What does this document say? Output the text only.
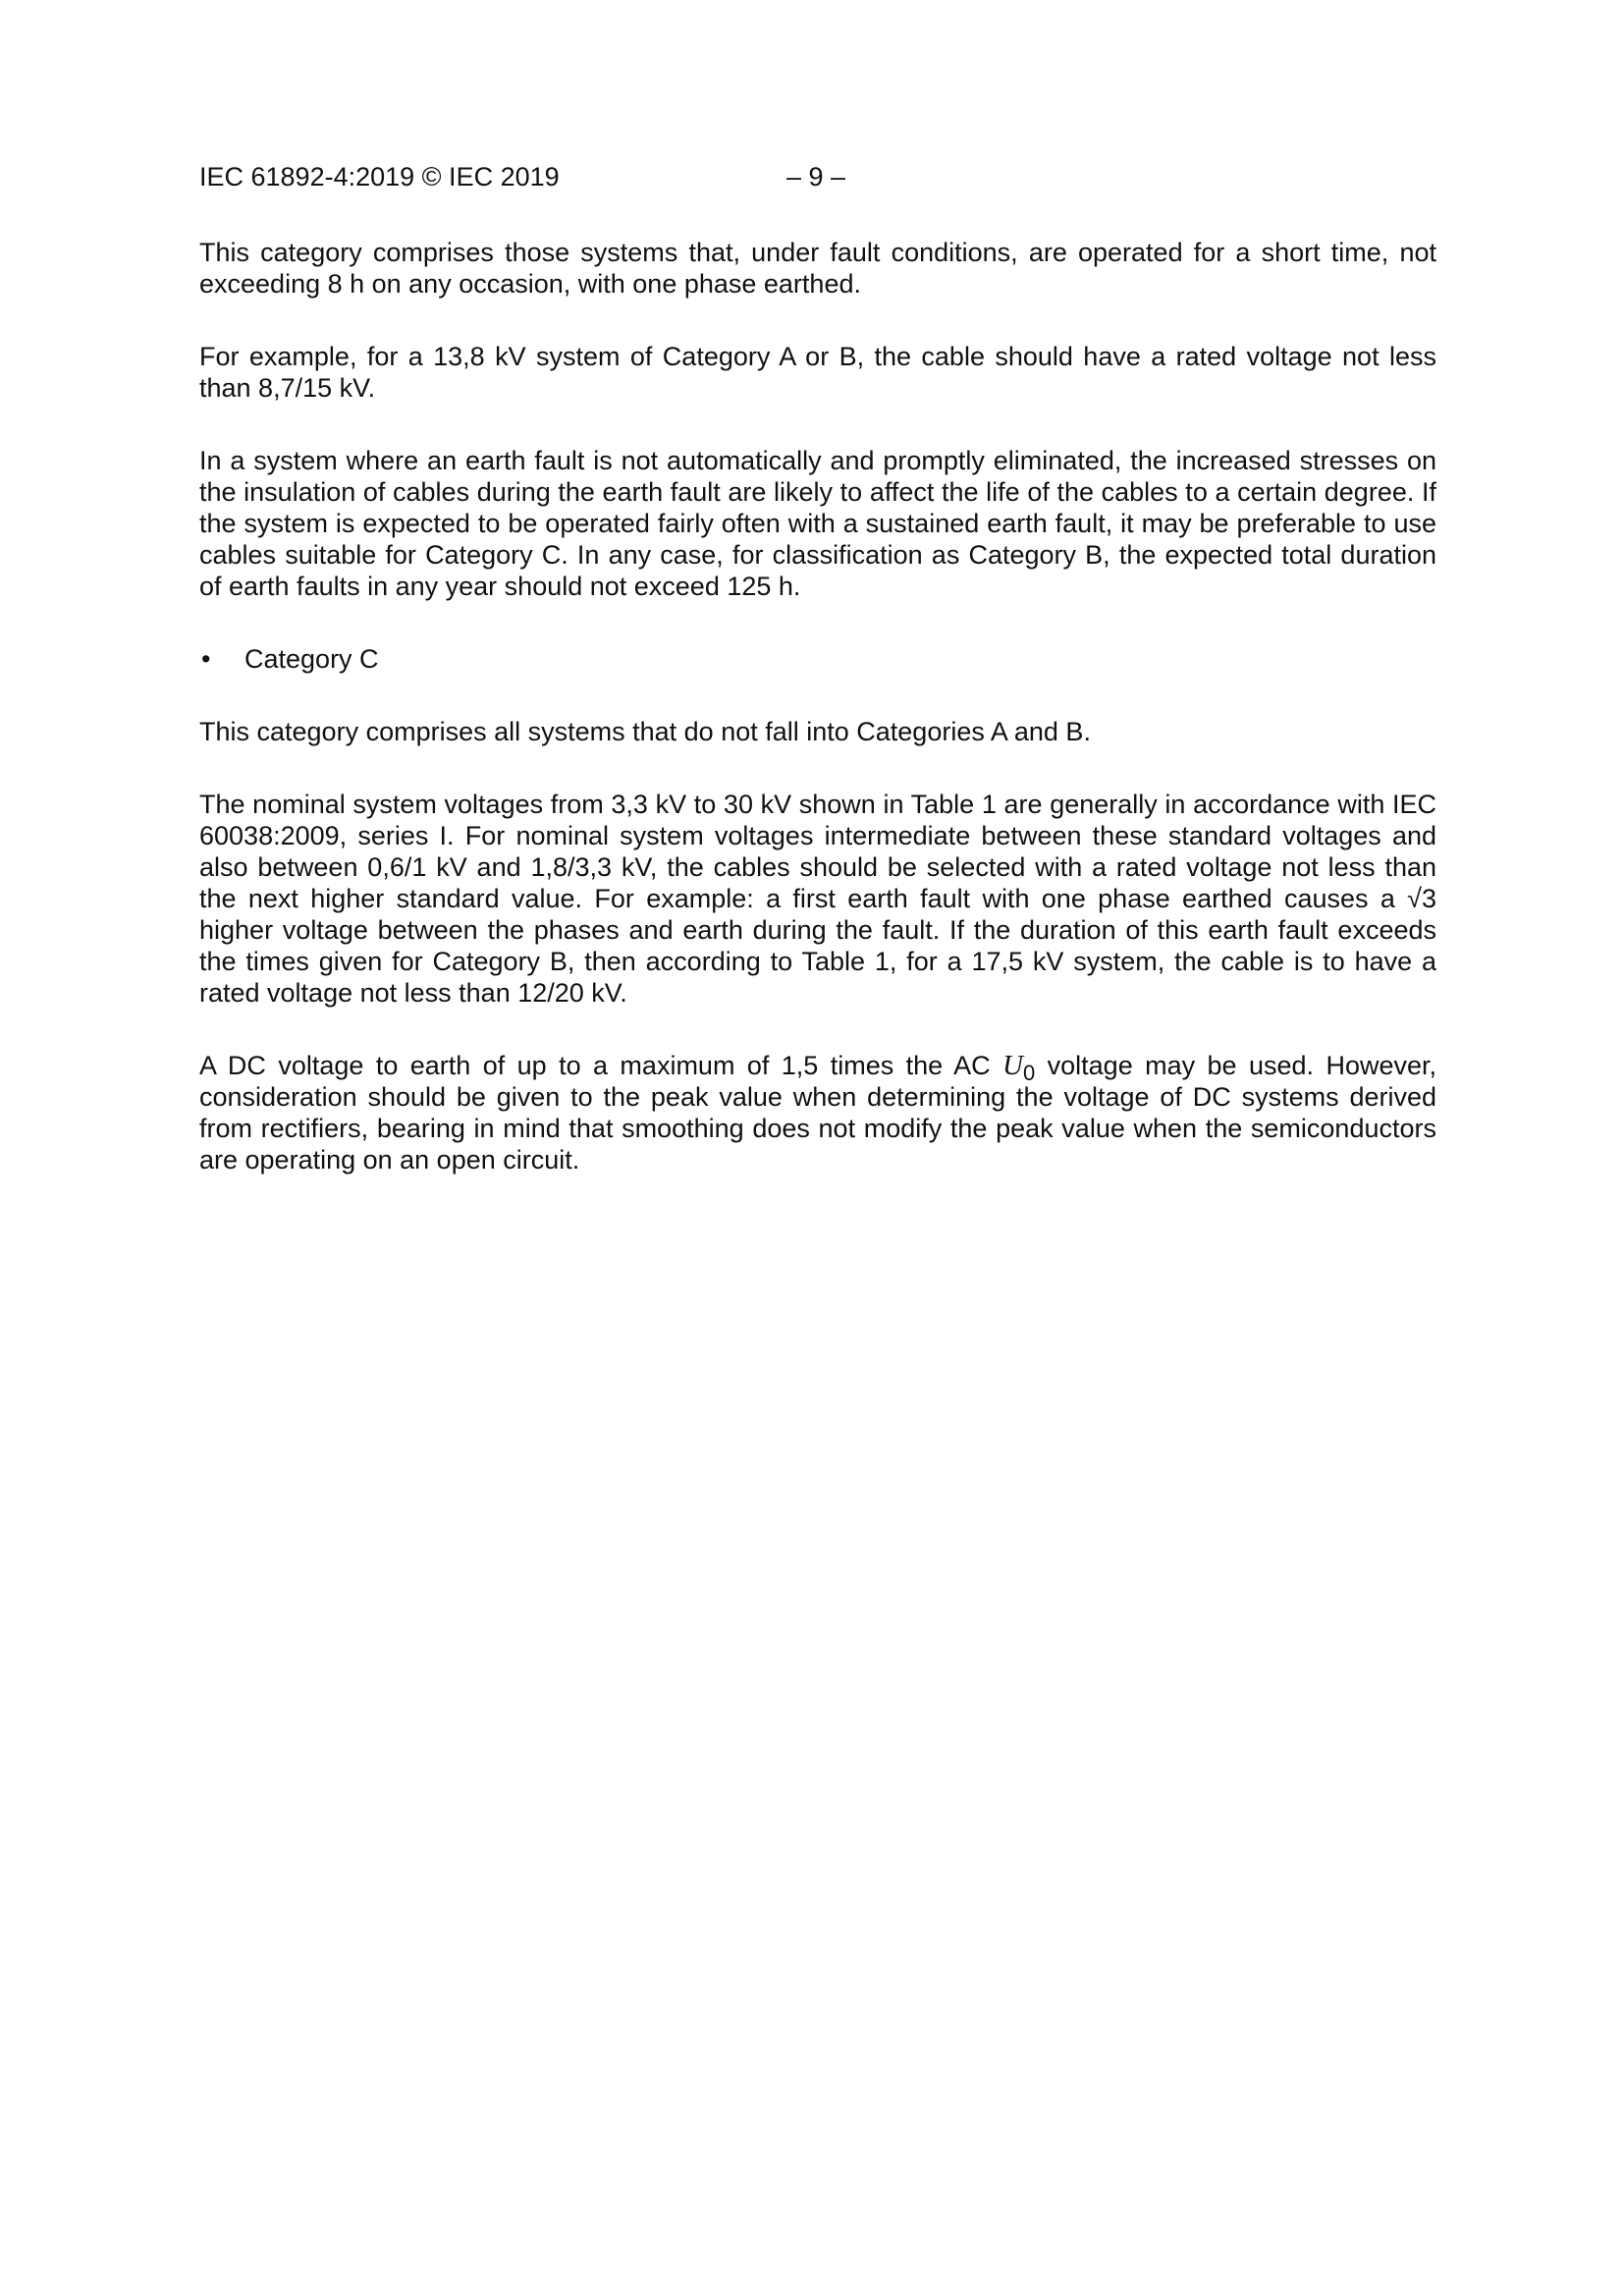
IEC 61892-4:2019 © IEC 2019	– 9 –

This category comprises those systems that, under fault conditions, are operated for a short time, not exceeding 8 h on any occasion, with one phase earthed.

For example, for a 13,8 kV system of Category A or B, the cable should have a rated voltage not less than 8,7/15 kV.

In a system where an earth fault is not automatically and promptly eliminated, the increased stresses on the insulation of cables during the earth fault are likely to affect the life of the cables to a certain degree. If the system is expected to be operated fairly often with a sustained earth fault, it may be preferable to use cables suitable for Category C. In any case, for classification as Category B, the expected total duration of earth faults in any year should not exceed 125 h.

• Category C

This category comprises all systems that do not fall into Categories A and B.

The nominal system voltages from 3,3 kV to 30 kV shown in Table 1 are generally in accordance with IEC 60038:2009, series I. For nominal system voltages intermediate between these standard voltages and also between 0,6/1 kV and 1,8/3,3 kV, the cables should be selected with a rated voltage not less than the next higher standard value. For example: a first earth fault with one phase earthed causes a √3 higher voltage between the phases and earth during the fault. If the duration of this earth fault exceeds the times given for Category B, then according to Table 1, for a 17,5 kV system, the cable is to have a rated voltage not less than 12/20 kV.

A DC voltage to earth of up to a maximum of 1,5 times the AC $U_0$ voltage may be used. However, consideration should be given to the peak value when determining the voltage of DC systems derived from rectifiers, bearing in mind that smoothing does not modify the peak value when the semiconductors are operating on an open circuit.
